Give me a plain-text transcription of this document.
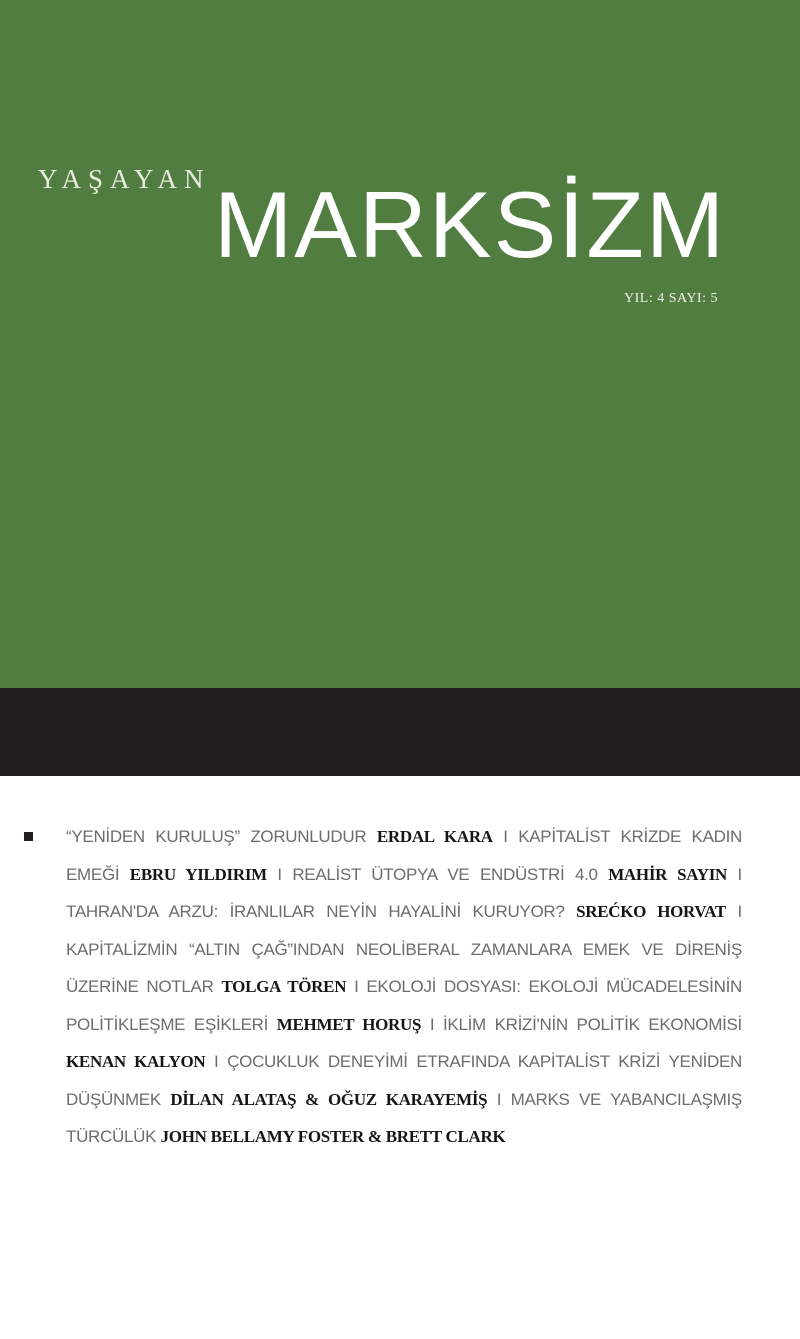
YAŞAYAN MARKSİZM
YIL: 4 SAYI: 5
“YENİDEN KURULUŞ” ZORUNLUDUR ERDAL KARA I KAPİTALİST KRİZDE KADIN EMEĞİ EBRU YILDIRIM I REALİST ÜTOPYA VE ENDÜSTRİ 4.0 MAHİR SAYIN I TAHRAN'DA ARZU: İRANLILAR NEYİN HAYALİNİ KURUYOR? SREĆKO HORVAT I KAPİTALİZMİN “ALTIN ÇAĞ”INDAN NEOLİBERAL ZAMANLARA EMEK VE DİRENİŞ ÜZERİNE NOTLAR TOLGA TÖREN I EKOLOJİ DOSYASI: EKOLOJİ MÜCADELESİNİN POLİTİKLEŞME EŞİKLERİ MEHMET HORUŞ I İKLİM KRİZİ'NİN POLİTİK EKONOMİSİ KENAN KALYON I ÇOCUKLUK DENEYİMİ ETRAFINDA KAPİTALİST KRİZİ YENİDEN DÜŞÜNMEK DİLAN ALATAŞ & OĞUZ KARAYEMİŞ I MARKS VE YABANCILAŞMIŞ TÜRCÜLÜK JOHN BELLAMY FOSTER & BRETT CLARK
